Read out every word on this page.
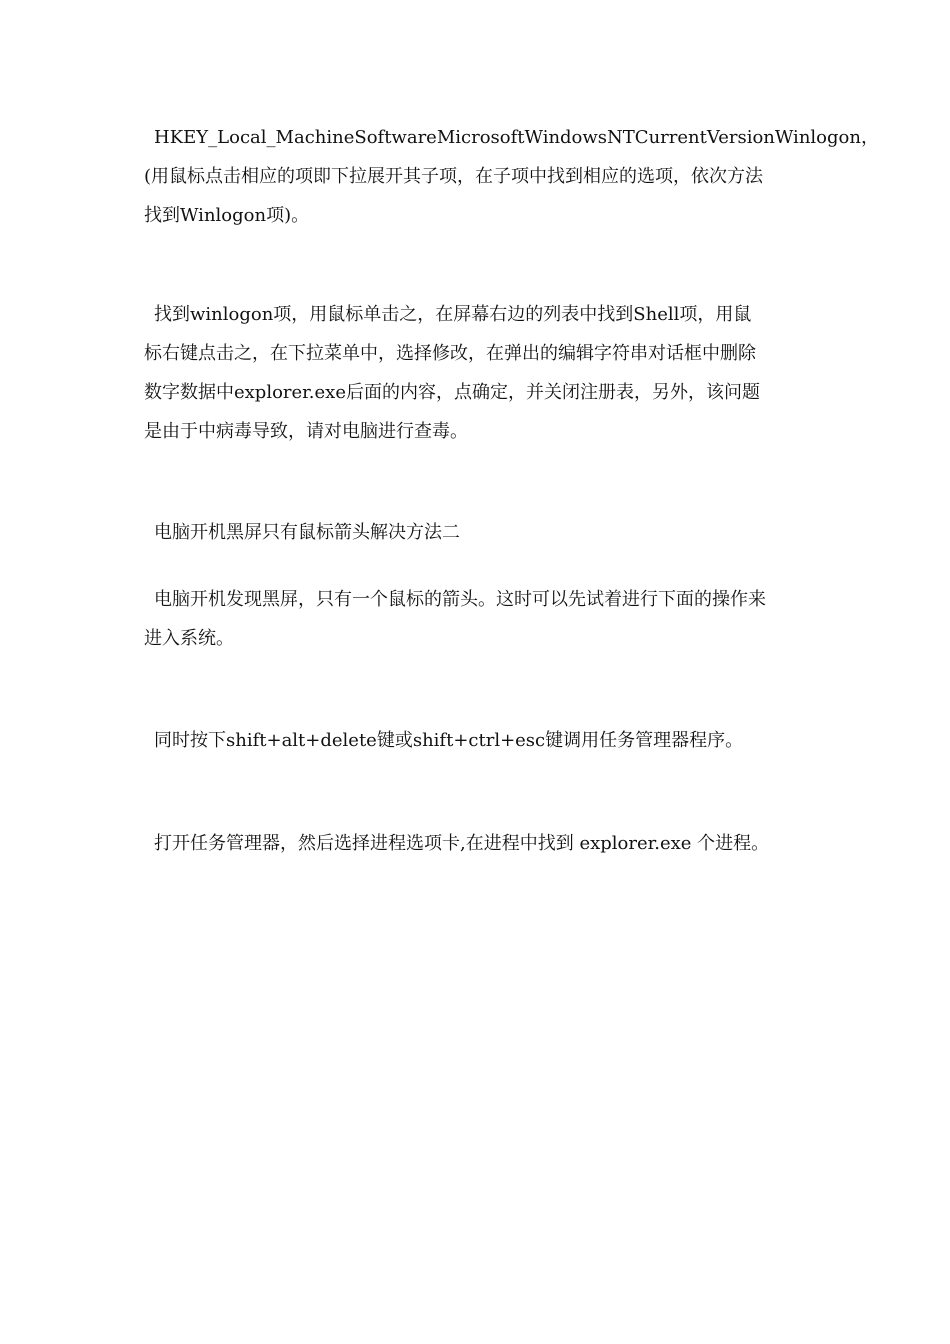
HKEY_Local_MachineSoftwareMicrosoftWindowsNTCurrentVersionWinlogon，
(用鼠标点击相应的项即下拉展开其子项，在子项中找到相应的选项，依次方法
找到Winlogon项)。
找到winlogon项，用鼠标单击之，在屏幕右边的列表中找到Shell项，用鼠
标右键点击之，在下拉菜单中，选择修改，在弹出的编辑字符串对话框中删除
数字数据中explorer.exe后面的内容，点确定，并关闭注册表，另外，该问题
是由于中病毒导致，请对电脑进行查毒。
电脑开机黑屏只有鼠标箭头解决方法二
电脑开机发现黑屏，只有一个鼠标的箭头。这时可以先试着进行下面的操作来
进入系统。
同时按下shift+alt+delete键或shift+ctrl+esc键调用任务管理器程序。
打开任务管理器，然后选择进程选项卡,在进程中找到 explorer.exe 个进程。
